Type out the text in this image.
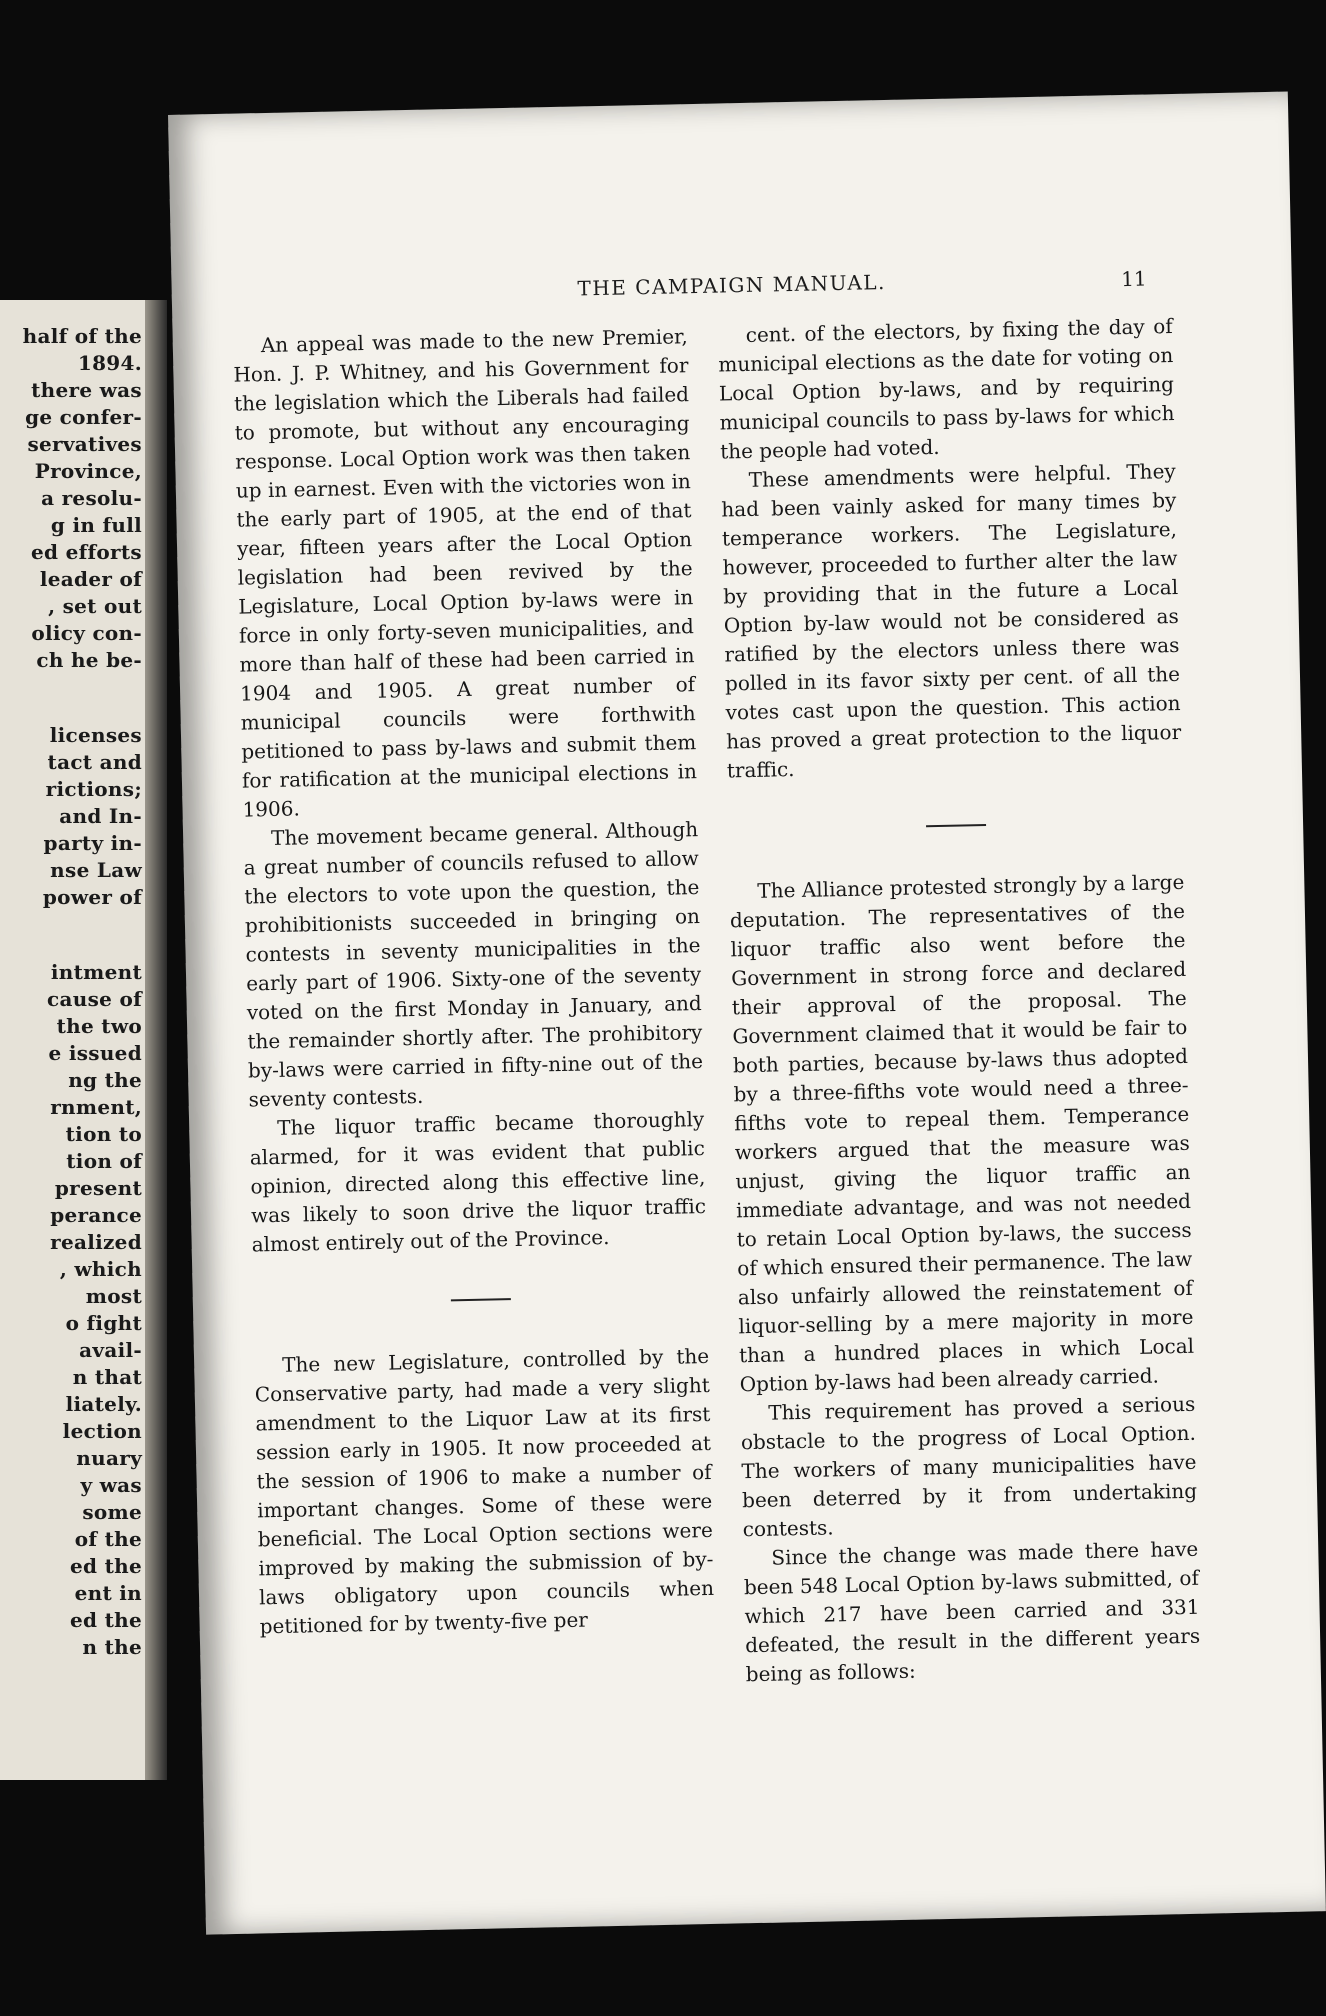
half of the
1894.
there was
ge confer-
servatives
Province,
a resolu-
g in full
ed efforts
leader of
, set out
olicy con-
ch he be-
licenses
tact and
rictions;
and In-
party in-
nse Law
power of
intment
cause of
the two
e issued
ng the
rnment,
tion to
tion of
present
perance
realized
, which
most
o fight
avail-
n that
liately.
lection
nuary
y was
some
of the
ed the
ent in
ed the
n the
THE CAMPAIGN MANUAL.	11

An appeal was made to the new Premier, Hon. J. P. Whitney, and his Government for the legislation which the Liberals had failed to promote, but without any encouraging response. Local Option work was then taken up in earnest. Even with the victories won in the early part of 1905, at the end of that year, fifteen years after the Local Option legislation had been revived by the Legislature, Local Option by-laws were in force in only forty-seven municipalities, and more than half of these had been carried in 1904 and 1905. A great number of municipal councils were forthwith petitioned to pass by-laws and submit them for ratification at the municipal elections in 1906.

The movement became general. Although a great number of councils refused to allow the electors to vote upon the question, the prohibitionists succeeded in bringing on contests in seventy municipalities in the early part of 1906. Sixty-one of the seventy voted on the first Monday in January, and the remainder shortly after. The prohibitory by-laws were carried in fifty-nine out of the seventy contests.

The liquor traffic became thoroughly alarmed, for it was evident that public opinion, directed along this effective line, was likely to soon drive the liquor traffic almost entirely out of the Province.

The new Legislature, controlled by the Conservative party, had made a very slight amendment to the Liquor Law at its first session early in 1905. It now proceeded at the session of 1906 to make a number of important changes. Some of these were beneficial. The Local Option sections were improved by making the submission of by-laws obligatory upon councils when petitioned for by twenty-five per

cent. of the electors, by fixing the day of municipal elections as the date for voting on Local Option by-laws, and by requiring municipal councils to pass by-laws for which the people had voted.

These amendments were helpful. They had been vainly asked for many times by temperance workers. The Legislature, however, proceeded to further alter the law by providing that in the future a Local Option by-law would not be considered as ratified by the electors unless there was polled in its favor sixty per cent. of all the votes cast upon the question. This action has proved a great protection to the liquor traffic.

The Alliance protested strongly by a large deputation. The representatives of the liquor traffic also went before the Government in strong force and declared their approval of the proposal. The Government claimed that it would be fair to both parties, because by-laws thus adopted by a three-fifths vote would need a three-fifths vote to repeal them. Temperance workers argued that the measure was unjust, giving the liquor traffic an immediate advantage, and was not needed to retain Local Option by-laws, the success of which ensured their permanence. The law also unfairly allowed the reinstatement of liquor-selling by a mere majority in more than a hundred places in which Local Option by-laws had been already carried.

This requirement has proved a serious obstacle to the progress of Local Option. The workers of many municipalities have been deterred by it from undertaking contests.

Since the change was made there have been 548 Local Option by-laws submitted, of which 217 have been carried and 331 defeated, the result in the different years being as follows:
